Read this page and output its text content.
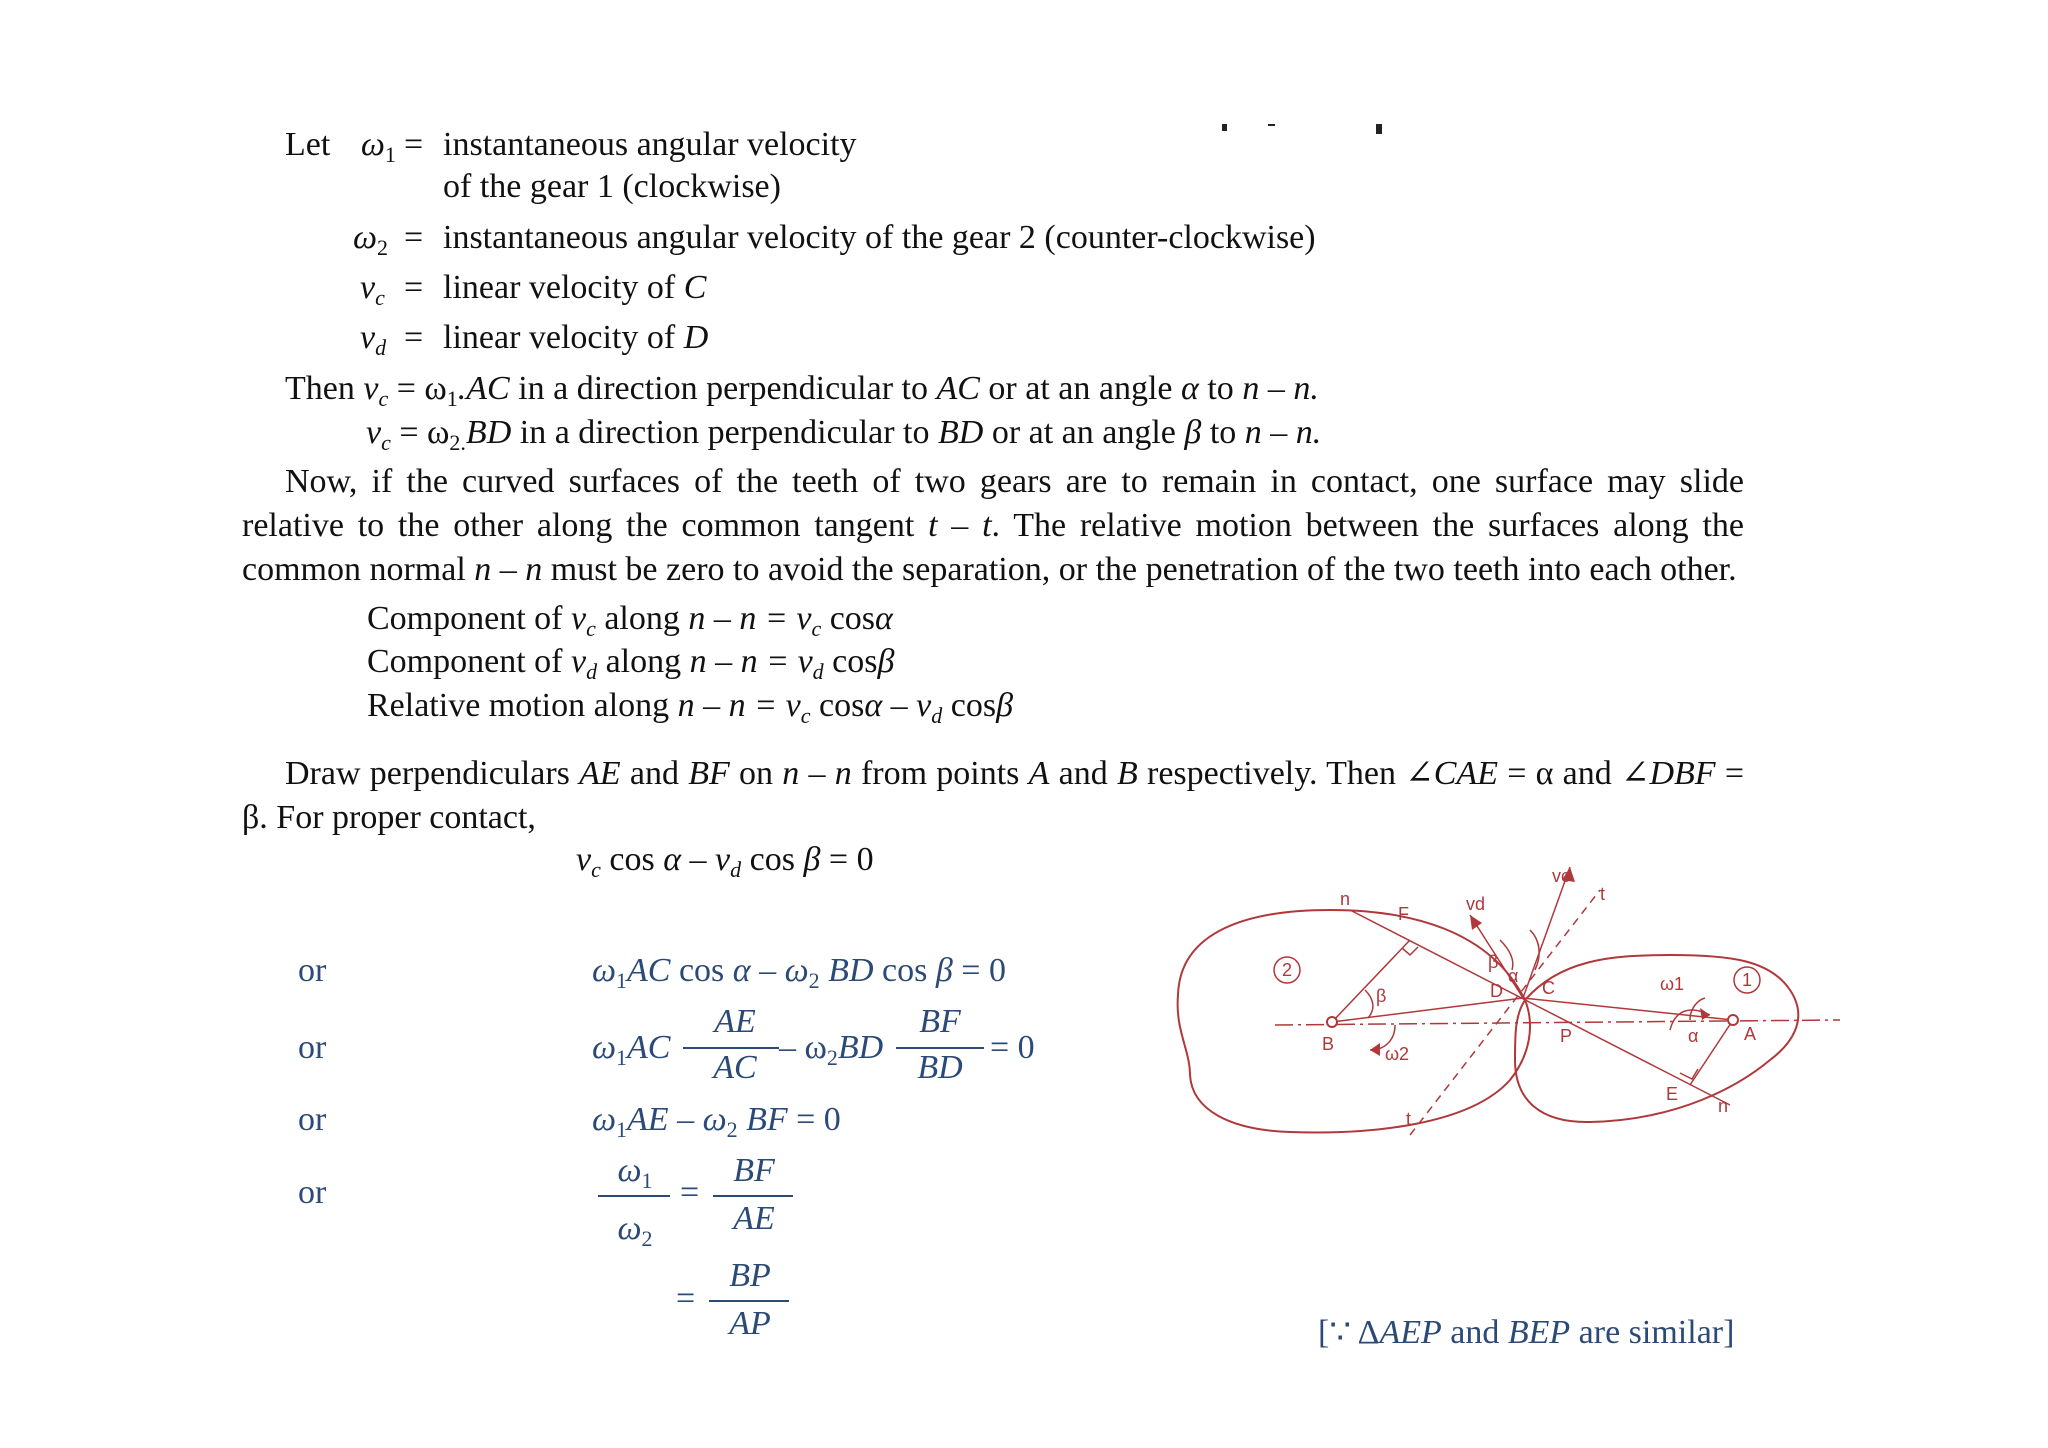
Let $\omega_1$ = instantaneous angular velocity
of the gear 1 (clockwise)
$\omega_2$ = instantaneous angular velocity of the gear 2 (counter-clockwise)
$v_c$ = linear velocity of C
$v_d$ = linear velocity of D
Then $v_c = \omega_1.AC$ in a direction perpendicular to AC or at an angle α to n – n.
$v_c = \omega_{2.}BD$ in a direction perpendicular to BD or at an angle β to n – n.
Now, if the curved surfaces of the teeth of two gears are to remain in contact, one surface may slide relative to the other along the common tangent t – t. The relative motion between the surfaces along the common normal n – n must be zero to avoid the separation, or the penetration of the two teeth into each other.
Component of $v_c$ along $n - n = v_c$ cosα
Component of $v_d$ along $n - n = v_d$ cosβ
Relative motion along $n - n = v_c$ cosα – $v_d$ cosβ
Draw perpendiculars AE and BF on n – n from points A and B respectively. Then ∠CAE = α and ∠DBF = β. For proper contact,
$v_c$ cos α – $v_d$ cos β = 0
or	$\omega_1AC$ cos α – $\omega_2$ BD cos β = 0
or	$\omega_1AC$
AE
AC
– $\omega_2BD$
BF
BD
= 0
or	$\omega_1AE - \omega_2$ BF = 0
or
$\omega_1$
$\omega_2$
=
BF
AE
=
BP
AP	[∵ ΔAEP and BEP are similar]
2	1
n
n
t
t
F	vd
vc
β
α
β	D C	ω1
B	P	α	A
ω2
E
